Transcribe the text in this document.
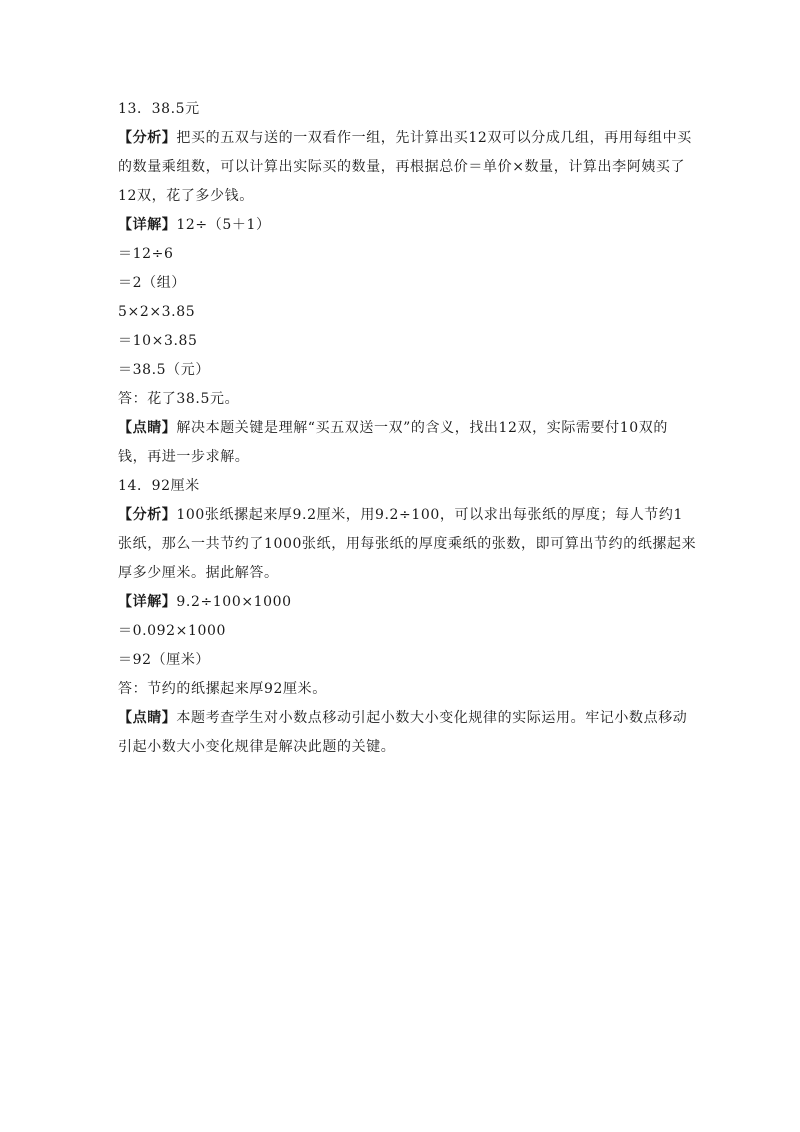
13．38.5元
【分析】把买的五双与送的一双看作一组，先计算出买12双可以分成几组，再用每组中买
的数量乘组数，可以计算出实际买的数量，再根据总价＝单价×数量，计算出李阿姨买了
12双，花了多少钱。
【详解】12÷（5＋1）
＝12÷6
＝2（组）
5×2×3.85
＝10×3.85
＝38.5（元）
答：花了38.5元。
【点睛】解决本题关键是理解“买五双送一双”的含义，找出12双，实际需要付10双的
钱，再进一步求解。
14．92厘米
【分析】100张纸摞起来厚9.2厘米，用9.2÷100，可以求出每张纸的厚度；每人节约1
张纸，那么一共节约了1000张纸，用每张纸的厚度乘纸的张数，即可算出节约的纸摞起来
厚多少厘米。据此解答。
【详解】9.2÷100×1000
＝0.092×1000
＝92（厘米）
答：节约的纸摞起来厚92厘米。
【点睛】本题考查学生对小数点移动引起小数大小变化规律的实际运用。牢记小数点移动
引起小数大小变化规律是解决此题的关键。
